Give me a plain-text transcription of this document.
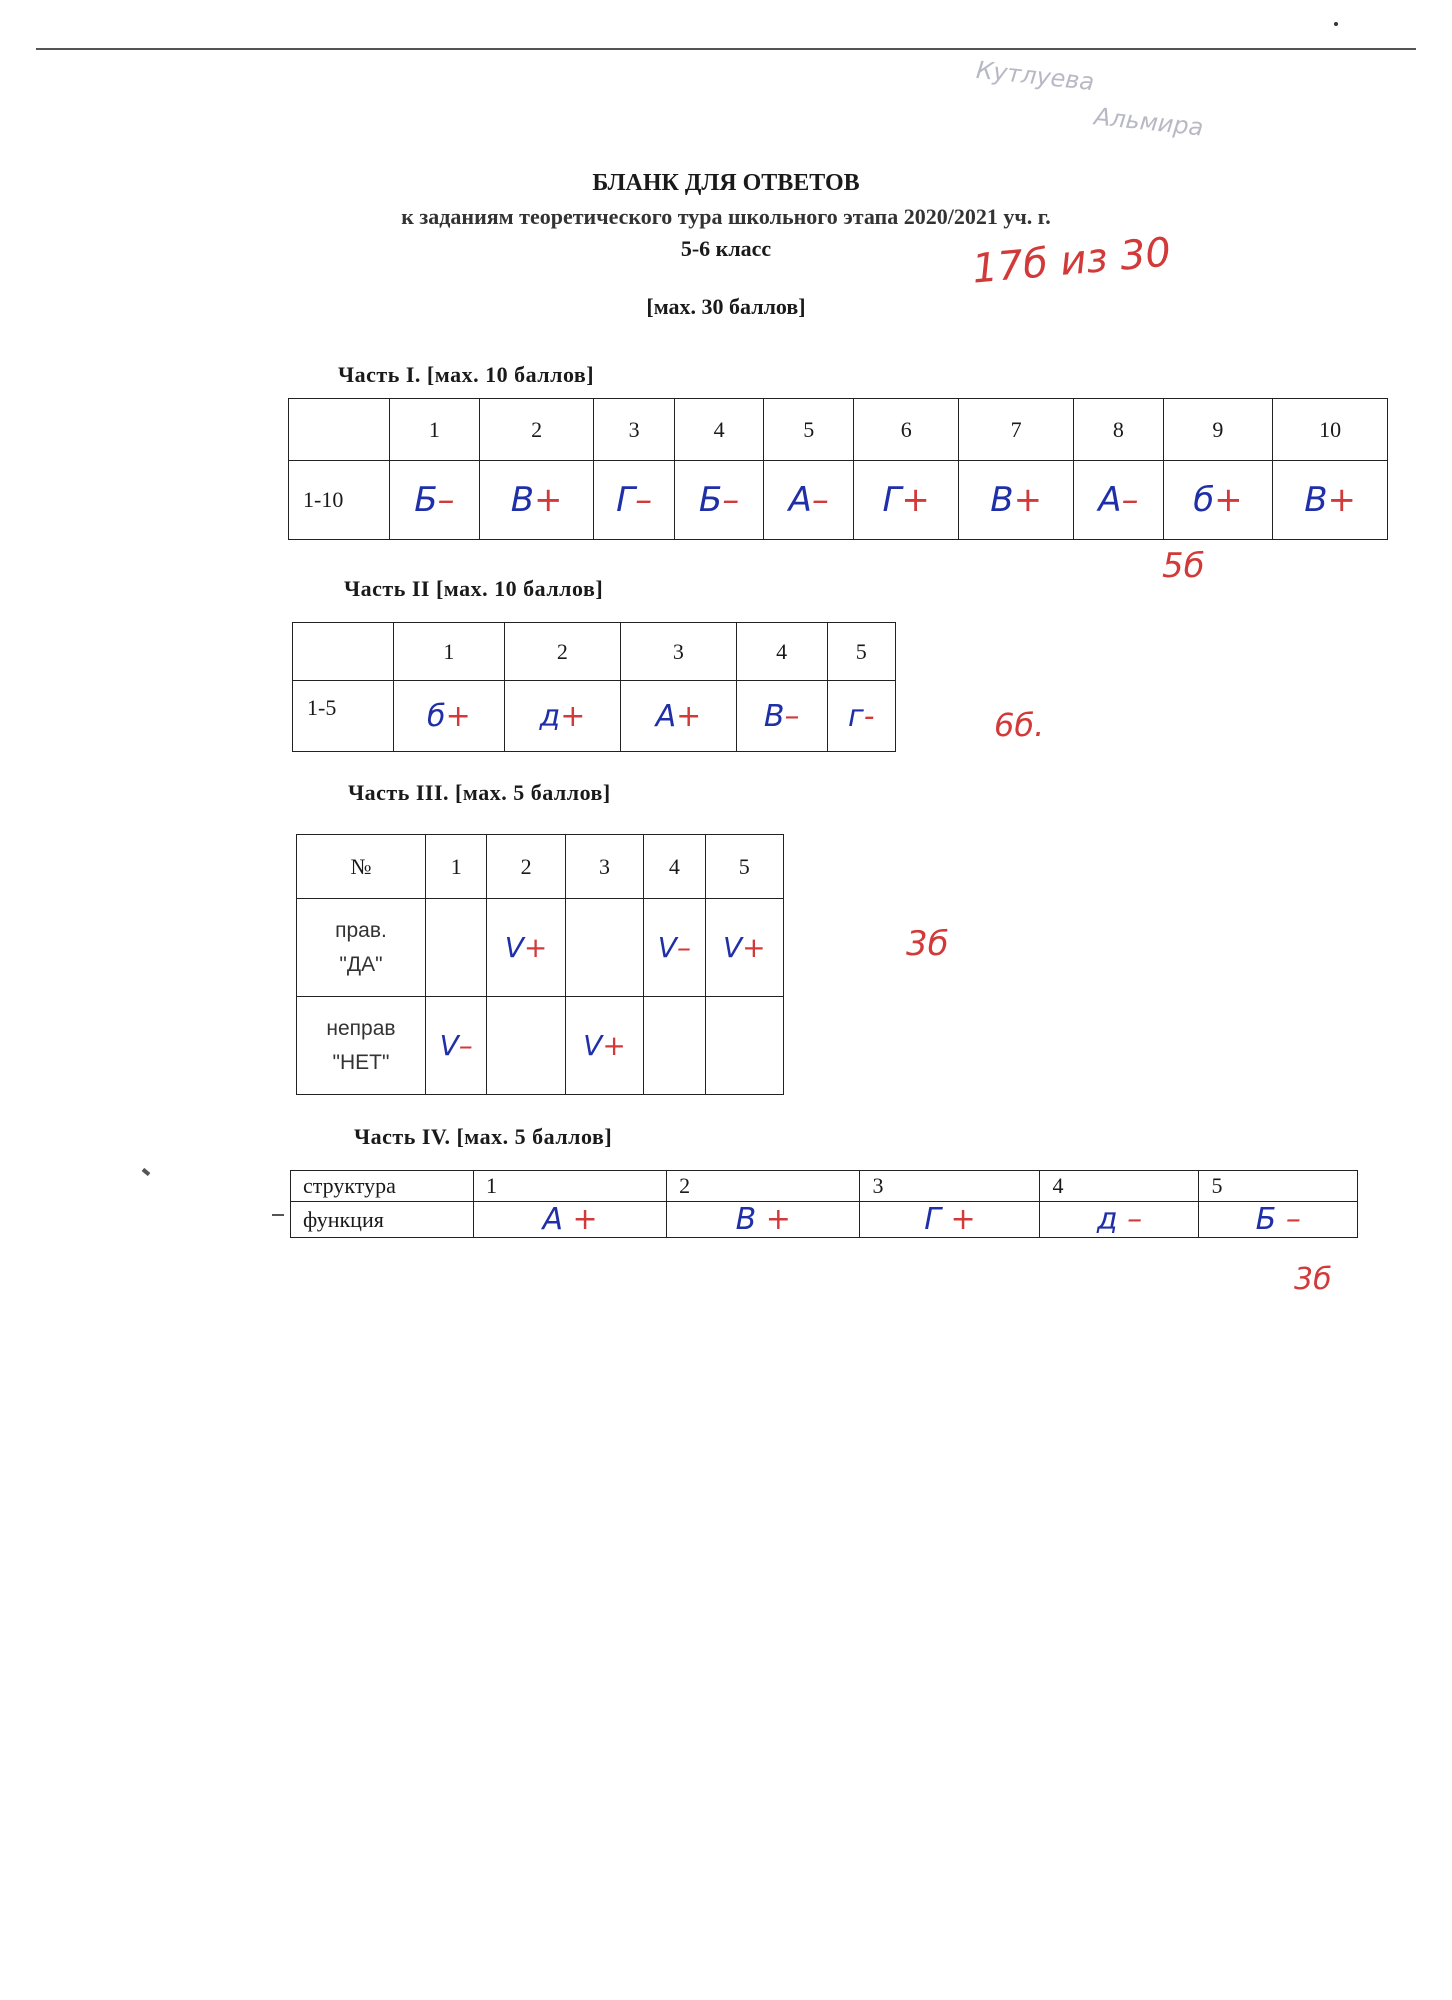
Кутлуева
Альмира
БЛАНК ДЛЯ ОТВЕТОВ
к заданиям теоретического тура школьного этапа 2020/2021 уч. г.
5-6 класс	17б из 30
[мах. 30 баллов]
Часть I. [мах. 10 баллов]
	1	2	3	4	5	6	7	8	9	10
1-10	Б–	В+	Г–	Б–	А–	Г+	В+	А–	б+	В+
5б
Часть II [мах. 10 баллов]
	1	2	3	4	5
1-5	б+	д+	А+	В–	г-	6б.
Часть III. [мах. 5 баллов]
№	1	2	3	4	5

прав.
"ДА"		V+		V–	V+

неправ
"НЕТ"	V–		V+		
3б
Часть IV. [мах. 5 баллов]
структура	1	2	3	4	5
функция	А +	В +	Г +	д –	Б –
3б
